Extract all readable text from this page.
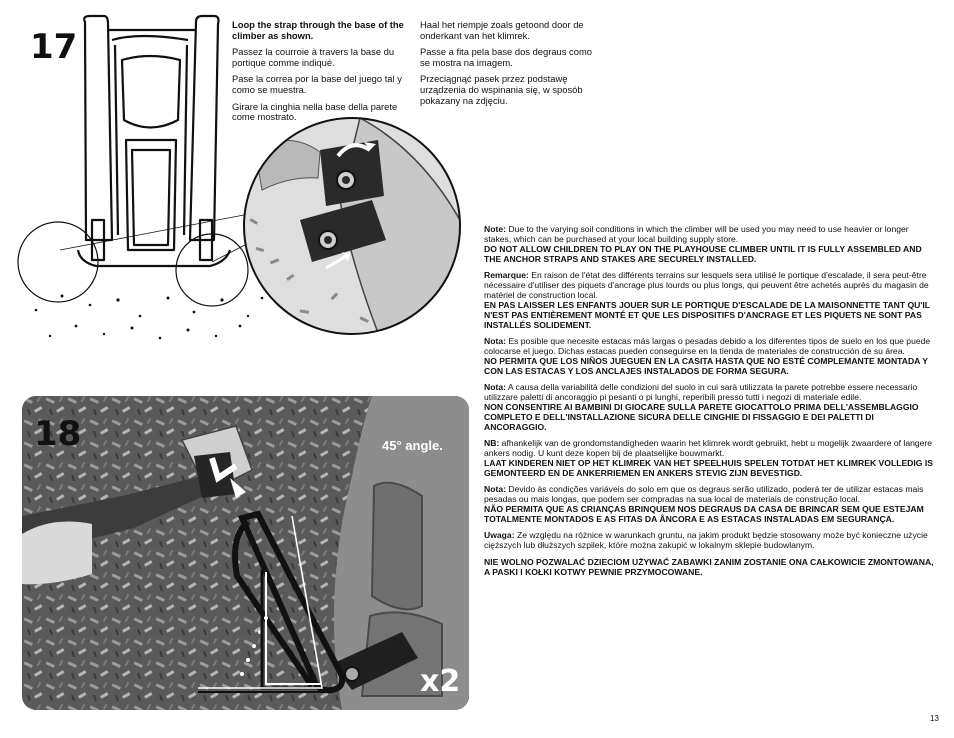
17

Loop the strap through the base of the climber as shown.

Passez la courroie à travers la base du portique comme indiqué.

Pase la correa por la base del juego tal y como se muestra.

Girare la cinghia nella base della parete come mostrato.

Haal het riempje zoals getoond door de onderkant van het klimrek.

Passe a fita pela base dos degraus como se mostra na imagem.

Przeciągnąć pasek przez podstawę urządzenia do wspinania się, w sposób pokazany na zdjęciu.

18	45° angle.
x2

Note: Due to the varying soil conditions in which the climber will be used you may need to use heavier or longer stakes, which can be purchased at your local building supply store.
DO NOT ALLOW CHILDREN TO PLAY ON THE PLAYHOUSE CLIMBER UNTIL IT IS FULLY ASSEMBLED AND THE ANCHOR STRAPS AND STAKES ARE SECURELY INSTALLED.

Remarque: En raison de l'état des différents terrains sur lesquels sera utilisé le portique d'escalade, il sera peut-être nécessaire d'utiliser des piquets d'ancrage plus lourds ou plus longs, qui peuvent être achetés auprès du magasin de matériel de construction local.
EN PAS LAISSER LES ENFANTS JOUER SUR LE PORTIQUE D'ESCALADE DE LA MAISONNETTE TANT QU'IL N'EST PAS ENTIÈREMENT MONTÉ ET QUE LES DISPOSITIFS D'ANCRAGE ET LES PIQUETS NE SONT PAS INSTALLÉS SOLIDEMENT.

Nota: Es posible que necesite estacas más largas o pesadas debido a los diferentes tipos de suelo en los que puede colocarse el juego. Dichas estacas pueden conseguirse en la tienda de materiales de construcción de su área.
NO PERMITA QUE LOS NIÑOS JUEGUEN EN LA CASITA HASTA QUE NO ESTÉ COMPLEMANTE MONTADA Y CON LAS ESTACAS Y LOS ANCLAJES INSTALADOS DE FORMA SEGURA.

Nota: A causa della variabilità delle condizioni del suolo in cui sarà utilizzata la parete potrebbe essere necessario utilizzare paletti di ancoraggio pi pesanti o pi lunghi, reperibili presso tutti i negozi di materiale edile.
NON CONSENTIRE AI BAMBINI DI GIOCARE SULLA PARETE GIOCATTOLO PRIMA DELL'ASSEMBLAGGIO COMPLETO E DELL'INSTALLAZIONE SICURA DELLE CINGHIE DI FISSAGGIO E DEI PALETTI DI ANCORAGGIO.

NB: afhankelijk van de grondomstandigheden waarin het klimrek wordt gebruikt, hebt u mogelijk zwaardere of langere ankers nodig. U kunt deze kopen bij de plaatselijke bouwmarkt.
LAAT KINDEREN NIET OP HET KLIMREK VAN HET SPEELHUIS SPELEN TOTDAT HET KLIMREK VOLLEDIG IS GEMONTEERD EN DE ANKERRIEMEN EN ANKERS STEVIG ZIJN BEVESTIGD.

Nota: Devido às condições variáveis do solo em que os degraus serão utilizado, poderá ter de utilizar estacas mais pesadas ou mais longas, que podem ser compradas na sua local de materiais de construção local.
NÃO PERMITA QUE AS CRIANÇAS BRINQUEM NOS DEGRAUS DA CASA DE BRINCAR SEM QUE ESTEJAM TOTALMENTE MONTADOS E AS FITAS DA ÂNCORA E AS ESTACAS INSTALADAS EM SEGURANÇA.

Uwaga: Ze względu na różnice w warunkach gruntu, na jakim produkt będzie stosowany może być konieczne użycie cięższych lub dłuższych szpilek, które można zakupić w lokalnym sklepie budowlanym.

NIE WOLNO POZWALAĆ DZIECIOM UŻYWAĆ ZABAWKI ZANIM ZOSTANIE ONA CAŁKOWICIE ZMONTOWANA, A PASKI I KOŁKI KOTWY PEWNIE PRZYMOCOWANE.

13
